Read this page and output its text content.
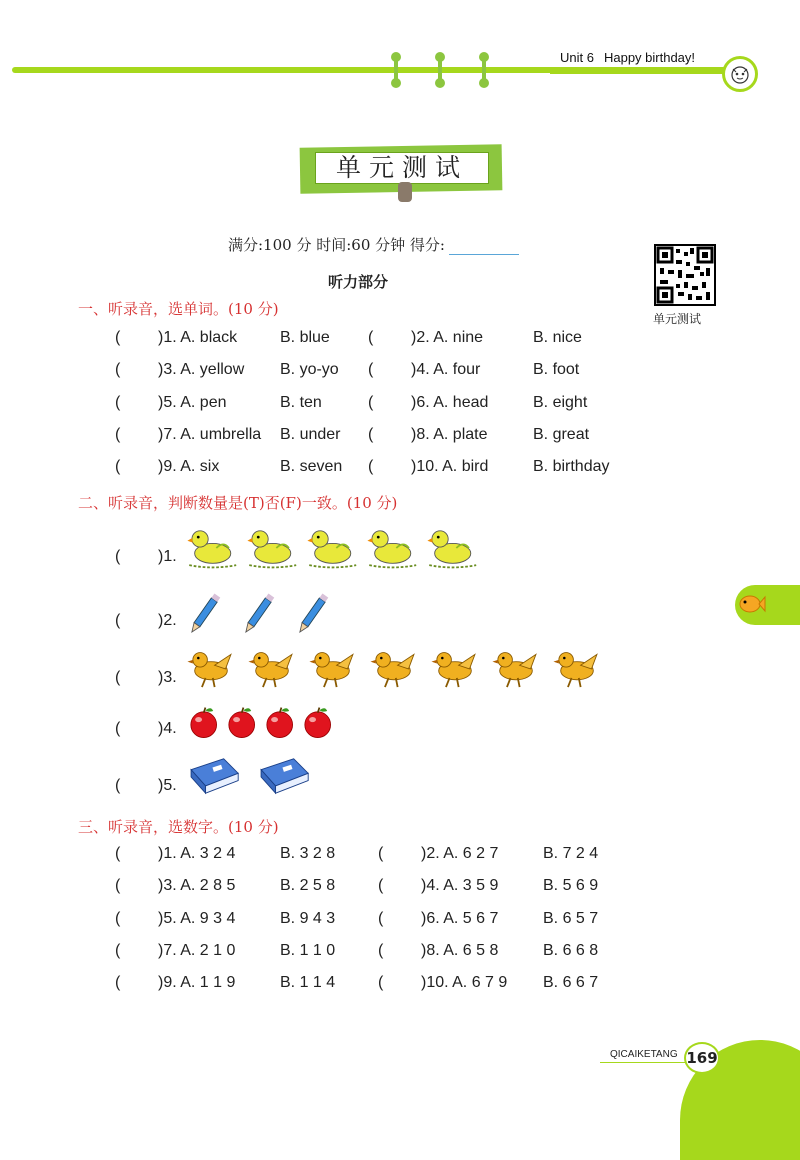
Unit 6 Happy birthday!
单元测试
满分:100 分 时间:60 分钟 得分:
单元测试
听力部分
一、听录音，选单词。(10 分)
( )1. A. black	B. blue ( )2. A. nine	B. nice
( )3. A. yellow B. yo-yo ( )4. A. four	B. foot
( )5. A. pen	B. ten	( )6. A. head	B. eight
( )7. A. umbrella B. under ( )8. A. plate	B. great
( )9. A. six	B. seven ( )10. A. bird	B. birthday
二、听录音，判断数量是(T)否(F)一致。(10 分)
( )1.
( )2.
( )3.
( )4.
( )5.
三、听录音，选数字。(10 分)
( )1. A. 3 2 4	B. 3 2 8	( )2. A. 6 2 7	B. 7 2 4
( )3. A. 2 8 5	B. 2 5 8	( )4. A. 3 5 9	B. 5 6 9
( )5. A. 9 3 4	B. 9 4 3	( )6. A. 5 6 7	B. 6 5 7
( )7. A. 2 1 0	B. 1 1 0	( )8. A. 6 5 8	B. 6 6 8
( )9. A. 1 1 9	B. 1 1 4	( )10. A. 6 7 9 B. 6 6 7
QICAIKETANG 169
